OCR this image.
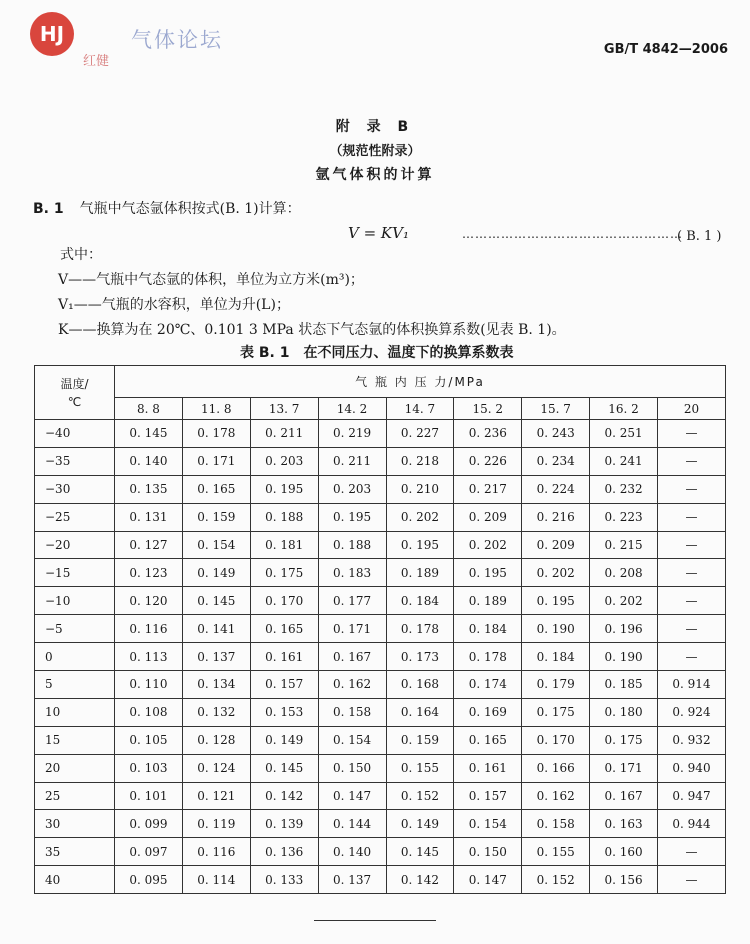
HJ	气体论坛
红健
GB/T 4842—2006
附 录 B
（规范性附录）
氩气体积的计算
B. 1 气瓶中气态氩体积按式(B. 1)计算：
V = KV₁	……………………………………………
( B. 1 )
式中：
V——气瓶中气态氩的体积，单位为立方米(m³)；
V₁——气瓶的水容积，单位为升(L)；
K——换算为在 20℃、0.101 3 MPa 状态下气态氩的体积换算系数(见表 B. 1)。
表 B. 1 在不同压力、温度下的换算系数表
温度/
℃	气 瓶 内 压 力/MPa								
	8. 8	11. 8	13. 7	14. 2	14. 7	15. 2	15. 7	16. 2	20
−40	0. 145	0. 178	0. 211	0. 219	0. 227	0. 236	0. 243	0. 251	—
−35	0. 140	0. 171	0. 203	0. 211	0. 218	0. 226	0. 234	0. 241	—
−30	0. 135	0. 165	0. 195	0. 203	0. 210	0. 217	0. 224	0. 232	—
−25	0. 131	0. 159	0. 188	0. 195	0. 202	0. 209	0. 216	0. 223	—
−20	0. 127	0. 154	0. 181	0. 188	0. 195	0. 202	0. 209	0. 215	—
−15	0. 123	0. 149	0. 175	0. 183	0. 189	0. 195	0. 202	0. 208	—
−10	0. 120	0. 145	0. 170	0. 177	0. 184	0. 189	0. 195	0. 202	—
−5	0. 116	0. 141	0. 165	0. 171	0. 178	0. 184	0. 190	0. 196	—
0	0. 113	0. 137	0. 161	0. 167	0. 173	0. 178	0. 184	0. 190	—
5	0. 110	0. 134	0. 157	0. 162	0. 168	0. 174	0. 179	0. 185	0. 914
10	0. 108	0. 132	0. 153	0. 158	0. 164	0. 169	0. 175	0. 180	0. 924
15	0. 105	0. 128	0. 149	0. 154	0. 159	0. 165	0. 170	0. 175	0. 932
20	0. 103	0. 124	0. 145	0. 150	0. 155	0. 161	0. 166	0. 171	0. 940
25	0. 101	0. 121	0. 142	0. 147	0. 152	0. 157	0. 162	0. 167	0. 947
30	0. 099	0. 119	0. 139	0. 144	0. 149	0. 154	0. 158	0. 163	0. 944
35	0. 097	0. 116	0. 136	0. 140	0. 145	0. 150	0. 155	0. 160	—
40	0. 095	0. 114	0. 133	0. 137	0. 142	0. 147	0. 152	0. 156	—
